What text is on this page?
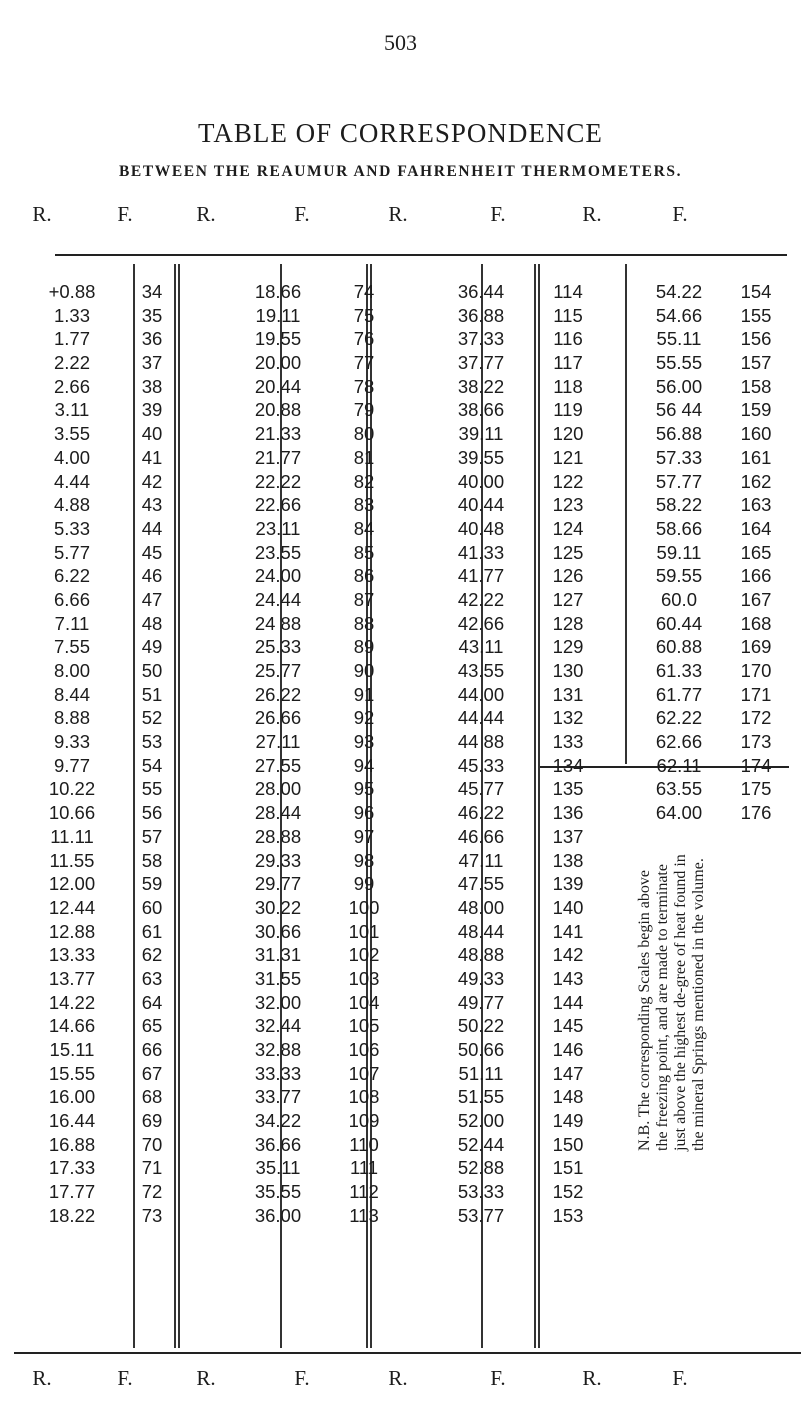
503
TABLE OF CORRESPONDENCE
BETWEEN THE REAUMUR AND FAHRENHEIT THERMOMETERS.
R.	F.	R.	F.	R.	F.	R.	F.
+0.88	34	18.66	74	36.44	114	54.22	154
1.33	35	19.11	75	36.88	115	54.66	155
1.77	36	19.55	76	37.33	116	55.11	156
2.22	37	20.00	77	37.77	117	55.55	157
2.66	38	20.44	78	38.22	118	56.00	158
3.11	39	20.88	79	38.66	119	56 44	159
3.55	40	21.33	80	39.11	120	56.88	160
4.00	41	21.77	81	39.55	121	57.33	161
4.44	42	22.22	82	40.00	122	57.77	162
4.88	43	22.66	83	40.44	123	58.22	163
5.33	44	23.11	84	40.48	124	58.66	164
5.77	45	23.55	85	41.33	125	59.11	165
6.22	46	24.00	86	41.77	126	59.55	166
6.66	47	24.44	87	42.22	127	60.0	167
7.11	48	24 88	88	42.66	128	60.44	168
7.55	49	25.33	89	43.11	129	60.88	169
8.00	50	25.77	90	43.55	130	61.33	170
8.44	51	26.22	91	44.00	131	61.77	171
8.88	52	26.66	92	44.44	132	62.22	172
9.33	53	27.11	93	44 88	133	62.66	173
9.77	54	27.55	94	45.33	134	62.11	174
10.22	55	28.00	95	45.77	135	63.55	175
10.66	56	28.44	96	46.22	136	64.00	176
11.11	57	28.88	97	46.66	137
11.55	58	29.33	98	47.11	138
12.00	59	29.77	99	47.55	139
12.44	60	30.22	100	48.00	140
12.88	61	30.66	101	48.44	141
13.33	62	31.31	102	48.88	142
13.77	63	31.55	103	49.33	143
14.22	64	32.00	104	49.77	144
14.66	65	32.44	105	50.22	145
15.11	66	32.88	106	50.66	146
15.55	67	33.33	107	51.11	147
16.00	68	33.77	108	51.55	148
16.44	69	34.22	109	52.00	149
16.88	70	36.66	110	52.44	150
17.33	71	35.11	111	52.88	151
17.77	72	35.55	112	53.33	152
18.22	73	36.00	113	53.77	153
N.B. The corresponding Scales begin above the freezing point, and are made to terminate just above the highest de-gree of heat found in the mineral Springs mentioned in the volume.
R.	F.	R.	F.	R.	F.	R.	F.
